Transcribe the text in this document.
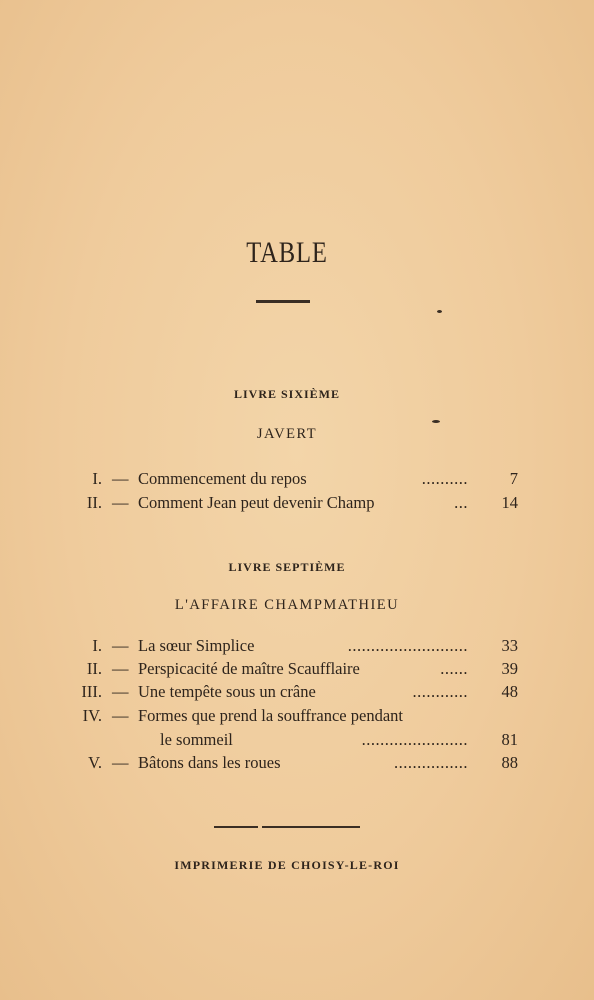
TABLE
LIVRE SIXIÈME
JAVERT
I. — Commencement du repos	..........	7
II. — Comment Jean peut devenir Champ	... 14
LIVRE SEPTIÈME
L'AFFAIRE CHAMPMATHIEU
I. — La sœur Simplice	.......................... 33
II. — Perspicacité de maître Scaufflaire	...... 39
III. — Une tempête sous un crâne	............ 48
IV. — Formes que prend la souffrance pendant
le sommeil	....................... 81
V. — Bâtons dans les roues	................ 88
IMPRIMERIE DE CHOISY-LE-ROI
